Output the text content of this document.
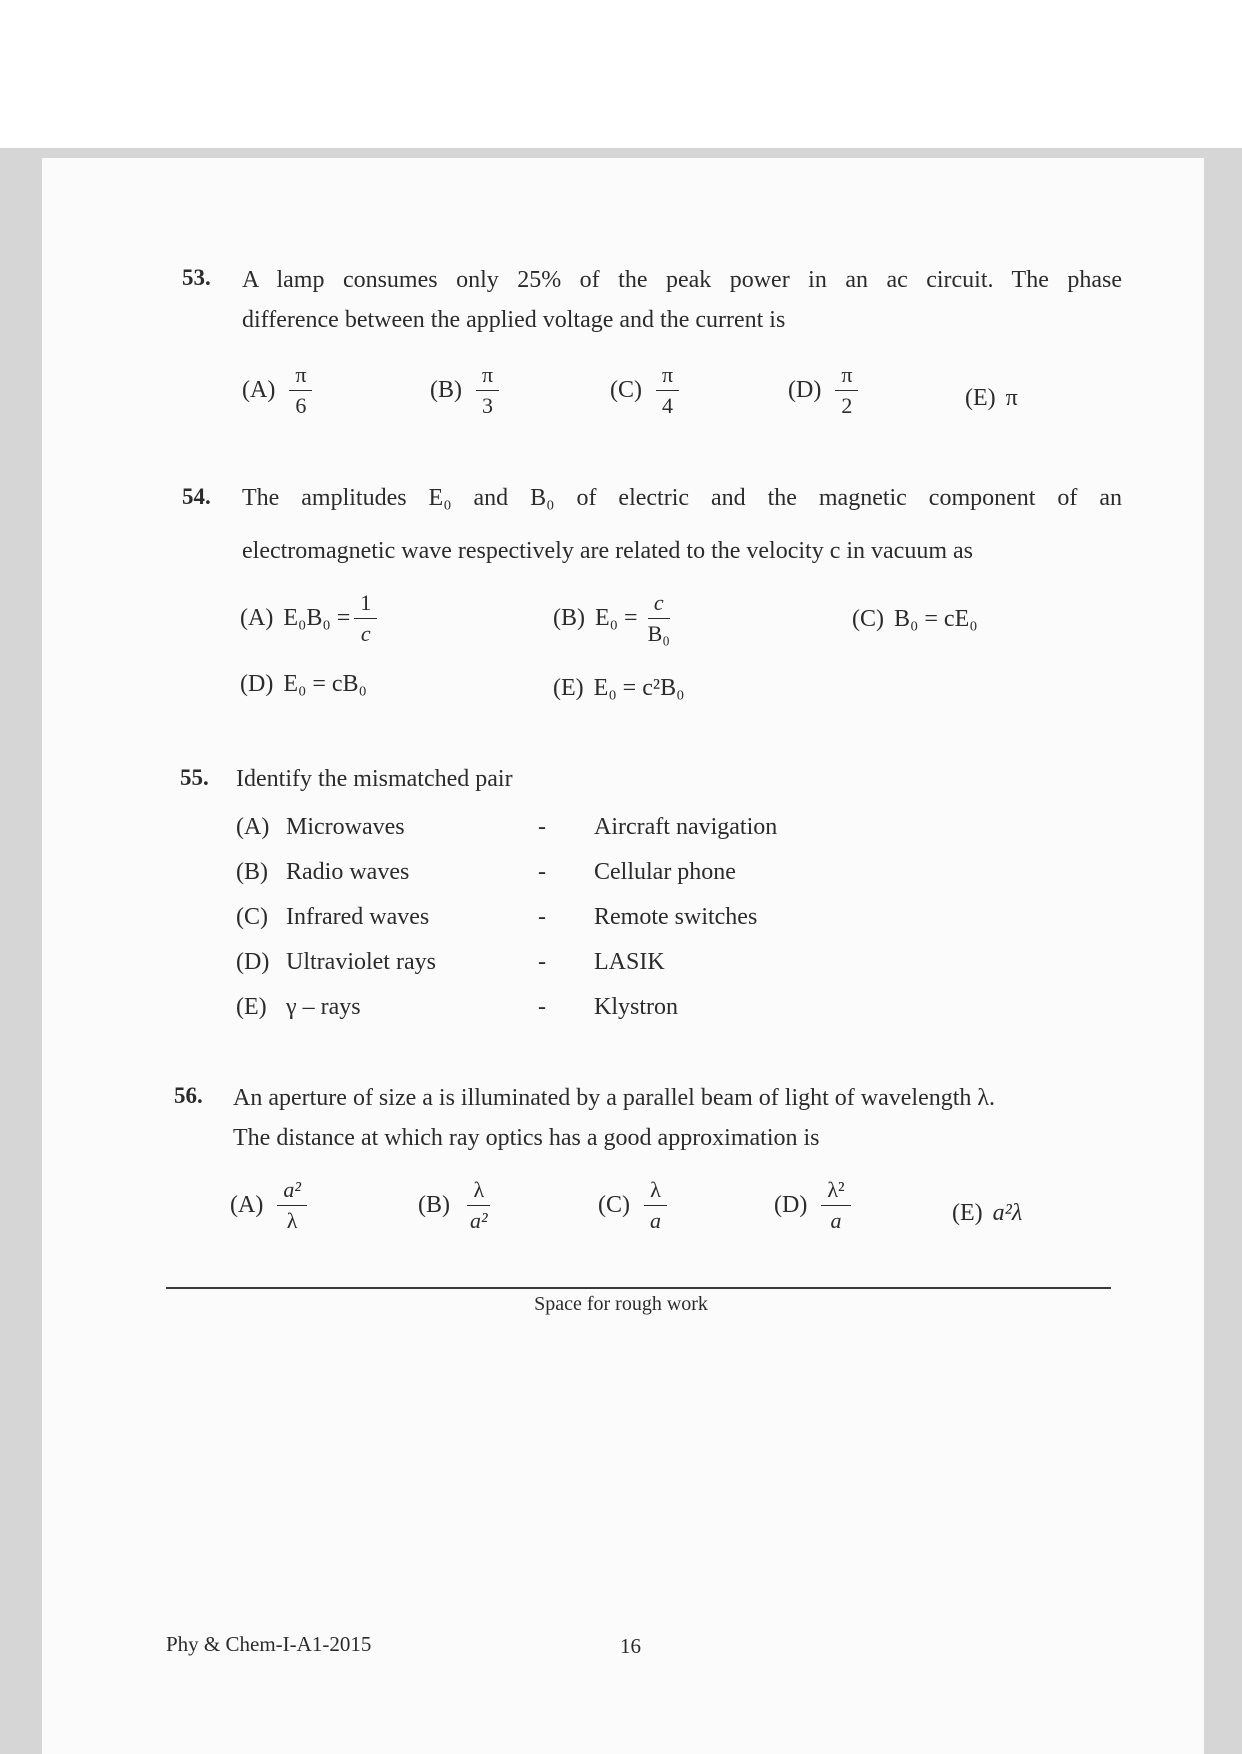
53. A lamp consumes only 25% of the peak power in an ac circuit. The phase
difference between the applied voltage and the current is
$(A) \frac{\pi}{6}$	$(B) \frac{\pi}{3}$	$(C) \frac{\pi}{4}$	$(D) \frac{\pi}{2}$	(E) π
54. The amplitudes E₀ and B₀ of electric and the magnetic component of an
electromagnetic wave respectively are related to the velocity c in vacuum as
(A) $E_0B_0 = \frac{1}{c}$	(B) $E_0 = \frac{c}{\text{B₀}}$	(C) B₀ = cE₀
(D) E₀ = cB₀	(E) E₀ = c²B₀
55. Identify the mismatched pair
(A) Microwaves	-	Aircraft navigation
(B) Radio waves	-	Cellular phone
(C) Infrared waves	-	Remote switches
(D) Ultraviolet rays	-	LASIK
(E) γ – rays	-	Klystron
56. An aperture of size a is illuminated by a parallel beam of light of wavelength λ.
The distance at which ray optics has a good approximation is
$(A) \frac{\text{a²}}{\lambda}$	$(B) \frac{\lambda}{\text{a²}}$	$(C) \frac{\lambda}{a}$	$(D) \frac{\text{λ²}}{a}$	(E) a²λ
Space for rough work
Phy & Chem-I-A1-2015	16
